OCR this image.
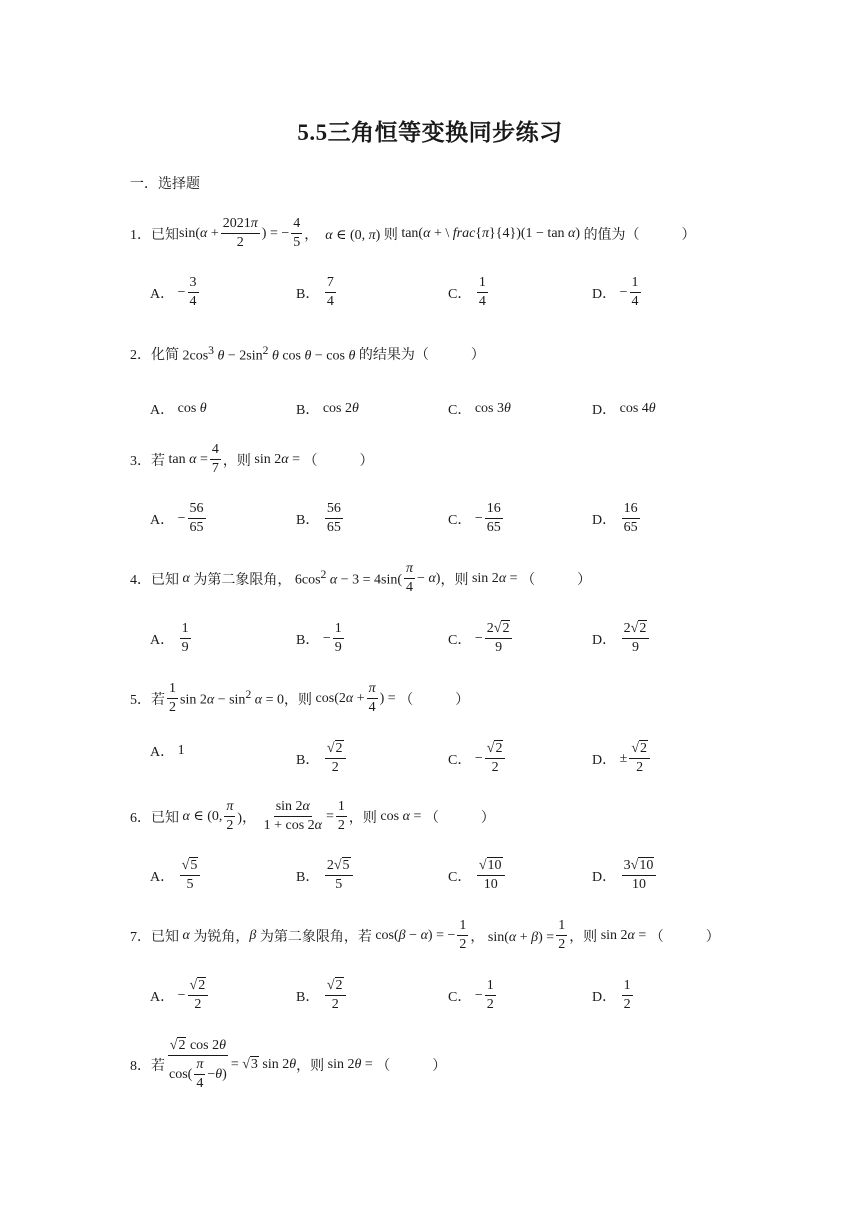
5.5三角恒等变换同步练习
一．选择题
1． 已知 $\sin(\alpha + \frac{2021\pi}{2}$ ) = − $\frac{4}{5}$ ，  α ∈ (0, π) 则 tan(α + \ frac{π}{4})(1 − tan α) 的值为（　　　）
A． − $\frac{3}{4}$	B．
$\frac{7}{4}$	C．
$\frac{1}{4}$	D． − $\frac{1}{4}$
2． 化简 $2\cos^3$ $\theta - 2\sin^2$ θ cos θ − cos θ 的结果为（　　　）
A． cos θ	B． cos 2θ	C． cos 3θ	D． cos 4θ
3． 若 $\tan \alpha = \frac{4}{7}$ ，则 sin 2α = （　　　）
A． − $\frac{56}{65}$	B．
$\frac{56}{65}$	C． − $\frac{16}{65}$	D．
$\frac{16}{65}$
4． 已知 α 为第二象限角， $6\cos^2$ $\alpha - 3 = 4\sin( \frac{\pi}{4} - \alpha)$ ，则 sin 2α = （　　　）
A．
$\frac{1}{9}$	B． − $\frac{1}{9}$	C． − $\frac{2√2}{9}$	D．
$\frac{2√2}{9}$
5． 若 $\frac{1}{2}$ $\sin 2\alpha - \sin^2 \alpha = 0$ ，则 $\cos(2\alpha + \frac{\pi}{4}$ ) = （　　　）
A． 1
B．
$\frac{√2}{2}$	C． − $\frac{√2}{2}$	D． ± $\frac{√2}{2}$
6． 已知 α ∈ (0, $\frac{\pi}{2}$ )， $\frac{\sin 2\alpha}{1 + \cos 2\alpha} = \frac{1}{2}$ ，则 cos α = （　　　）
A．
$\frac{√5}{5}$	B．
$\frac{2√5}{5}$	C．
$\frac{√10}{10}$	D．
$\frac{3√10}{10}$
7． 已知 α 为锐角， β 为第二象限角，若 cos(β − α) = − $\frac{1}{2}$ ， $\sin(\alpha + \beta) = \frac{1}{2}$ ，则 sin 2α = （　　　）
A． − $\frac{√2}{2}$	B．
$\frac{√2}{2}$	C． − $\frac{1}{2}$	D．
$\frac{1}{2}$
8． 若 $\frac{√2 \cos 2\theta}{\cos( \frac{\pi}{4} - \theta )} = √3$ sin 2θ ，则 sin 2θ = （　　　）
